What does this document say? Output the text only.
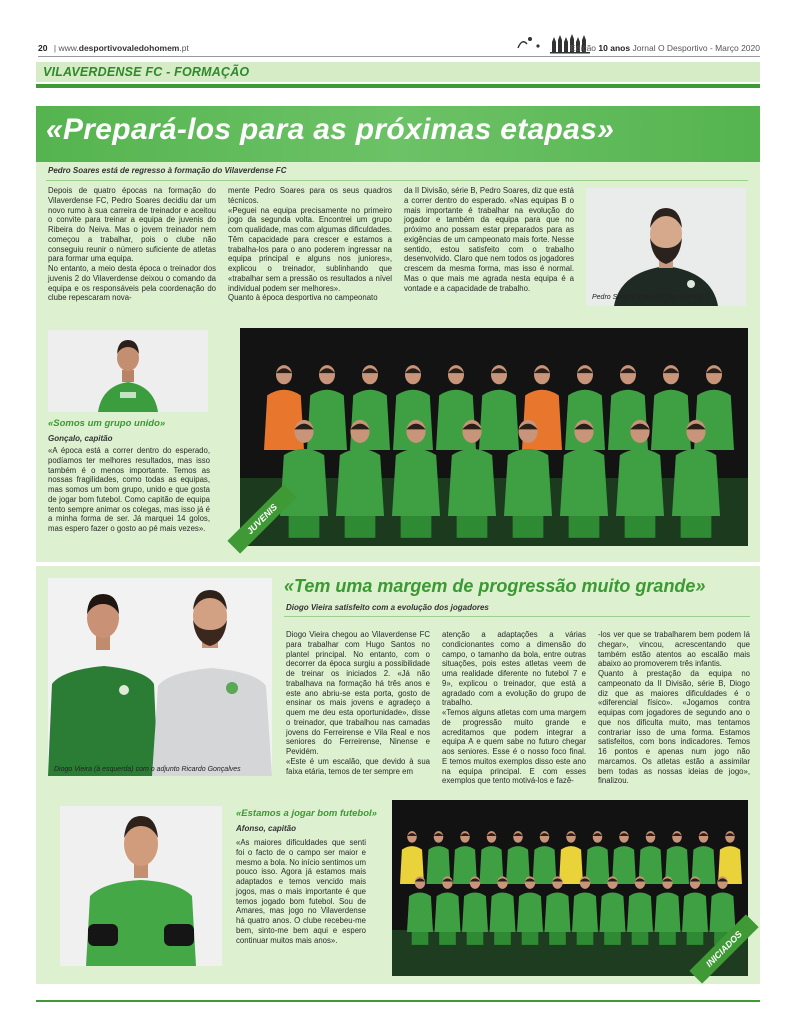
20 | www.desportivovaledohomem.pt	Edição 10 anos Jornal O Desportivo - Março 2020
VILAVERDENSE FC - FORMAÇÃO
«Prepará-los para as próximas etapas»
Pedro Soares está de regresso à formação do Vilaverdense FC

Depois de quatro épocas na formação do Vilaverdense FC, Pedro Soares decidiu dar um novo rumo à sua carreira de treinador e aceitou o convite para treinar a equipa de juvenis do Ribeira do Neiva. Mas o jovem treinador nem começou a trabalhar, pois o clube não conseguiu reunir o número suficiente de atletas para formar uma equipa.

No entanto, a meio desta época o treinador dos juvenis 2 do Vilaverdense deixou o comando da equipa e os responsáveis pela coordenação do clube repescaram nova-

mente Pedro Soares para os seus quadros técnicos.

«Peguei na equipa precisamente no primeiro jogo da segunda volta. Encontrei um grupo com qualidade, mas com algumas dificuldades. Têm capacidade para crescer e estamos a trabalha-los para o ano poderem ingressar na equipa principal e alguns nos juniores», explicou o treinador, sublinhando que «trabalhar sem a pressão os resultados a nível individual podem ser melhores».

Quanto à época desportiva no campeonato

da II Divisão, série B, Pedro Soares, diz que está a correr dentro do esperado. «Nas equipas B o mais importante é trabalhar na evolução do jogador e também da equipa para que no próximo ano possam estar preparados para as exigências de um campeonato mais forte. Nesse sentido, estou satisfeito com o trabalho desenvolvido. Claro que nem todos os jogadores crescem da mesma forma, mas isso é normal. Mas o que mais me agrada nesta equipa é a vontade e a capacidade de trabalho.

Pedro Soares treinador dos Juvenis 2
«Somos um grupo unido»
Gonçalo, capitão

«A época está a correr dentro do esperado, podíamos ter melhores resultados, mas isso também é o menos importante. Temos as nossas fragilidades, como todas as equipas, mas somos um bom grupo, unido e que gosta de jogar bom futebol. Como capitão de equipa tento sempre animar os colegas, mas isso já é a minha forma de ser. Já marquei 14 golos, mas espero fazer o gosto ao pé mais vezes».	JUVENIS
Diogo Vieira (à esquerda) com o adjunto Ricardo Gonçalves
«Tem uma margem de progressão muito grande»
Diogo Vieira satisfeito com a evolução dos jogadores

Diogo Vieira chegou ao Vilaverdense FC para trabalhar com Hugo Santos no plantel principal. No entanto, com o decorrer da época surgiu a possibilidade de treinar os iniciados 2. «Já não trabalhava na formação há três anos e este ano abriu-se esta porta, gosto de ensinar os mais jovens e agradeço a quem me deu esta oportunidade», disse o treinador, que trabalhou nas camadas jovens do Ferreirense e Vila Real e nos seniores do Ferreirense, Ninense e Pevidém.

«Este é um escalão, que devido à sua faixa etária, temos de ter sempre em

atenção a adaptações a várias condicionantes como a dimensão do campo, o tamanho da bola, entre outras situações, pois estes atletas veem de uma realidade diferente no futebol 7 e 9», explicou o treinador, que está a agradado com a evolução do grupo de trabalho.

«Temos alguns atletas com uma margem de progressão muito grande e acreditamos que podem integrar a equipa A e quem sabe no futuro chegar aos seniores. Esse é o nosso foco final. E temos muitos exemplos disso este ano na equipa principal. E com esses exemplos que tento motivá-los e fazê-

-los ver que se trabalharem bem podem lá chegar», vincou, acrescentando que também estão atentos ao escalão mais abaixo ao promoverem três infantis.

Quanto à prestação da equipa no campeonato da II Divisão, série B, Diogo diz que as maiores dificuldades é o «diferencial físico». «Jogamos contra equipas com jogadores de segundo ano o que nos dificulta muito, mas tentamos contrariar isso de uma forma. Estamos satisfeitos, com bons indicadores. Temos 16 pontos e apenas num jogo não marcamos. Os atletas estão a assimilar bem todas as nossas ideias de jogo», finalizou.

«Estamos a jogar bom futebol»
Afonso, capitão

«As maiores dificuldades que senti foi o facto de o campo ser maior e mesmo a bola. No início sentimos um pouco isso. Agora já estamos mais adaptados e temos vencido mais jogos, mas o mais importante é que temos jogado bom futebol. Sou de Amares, mas jogo no Vilaverdense há quatro anos. O clube recebeu-me bem, sinto-me bem aqui e espero continuar muitos mais anos».	INICIADOS
